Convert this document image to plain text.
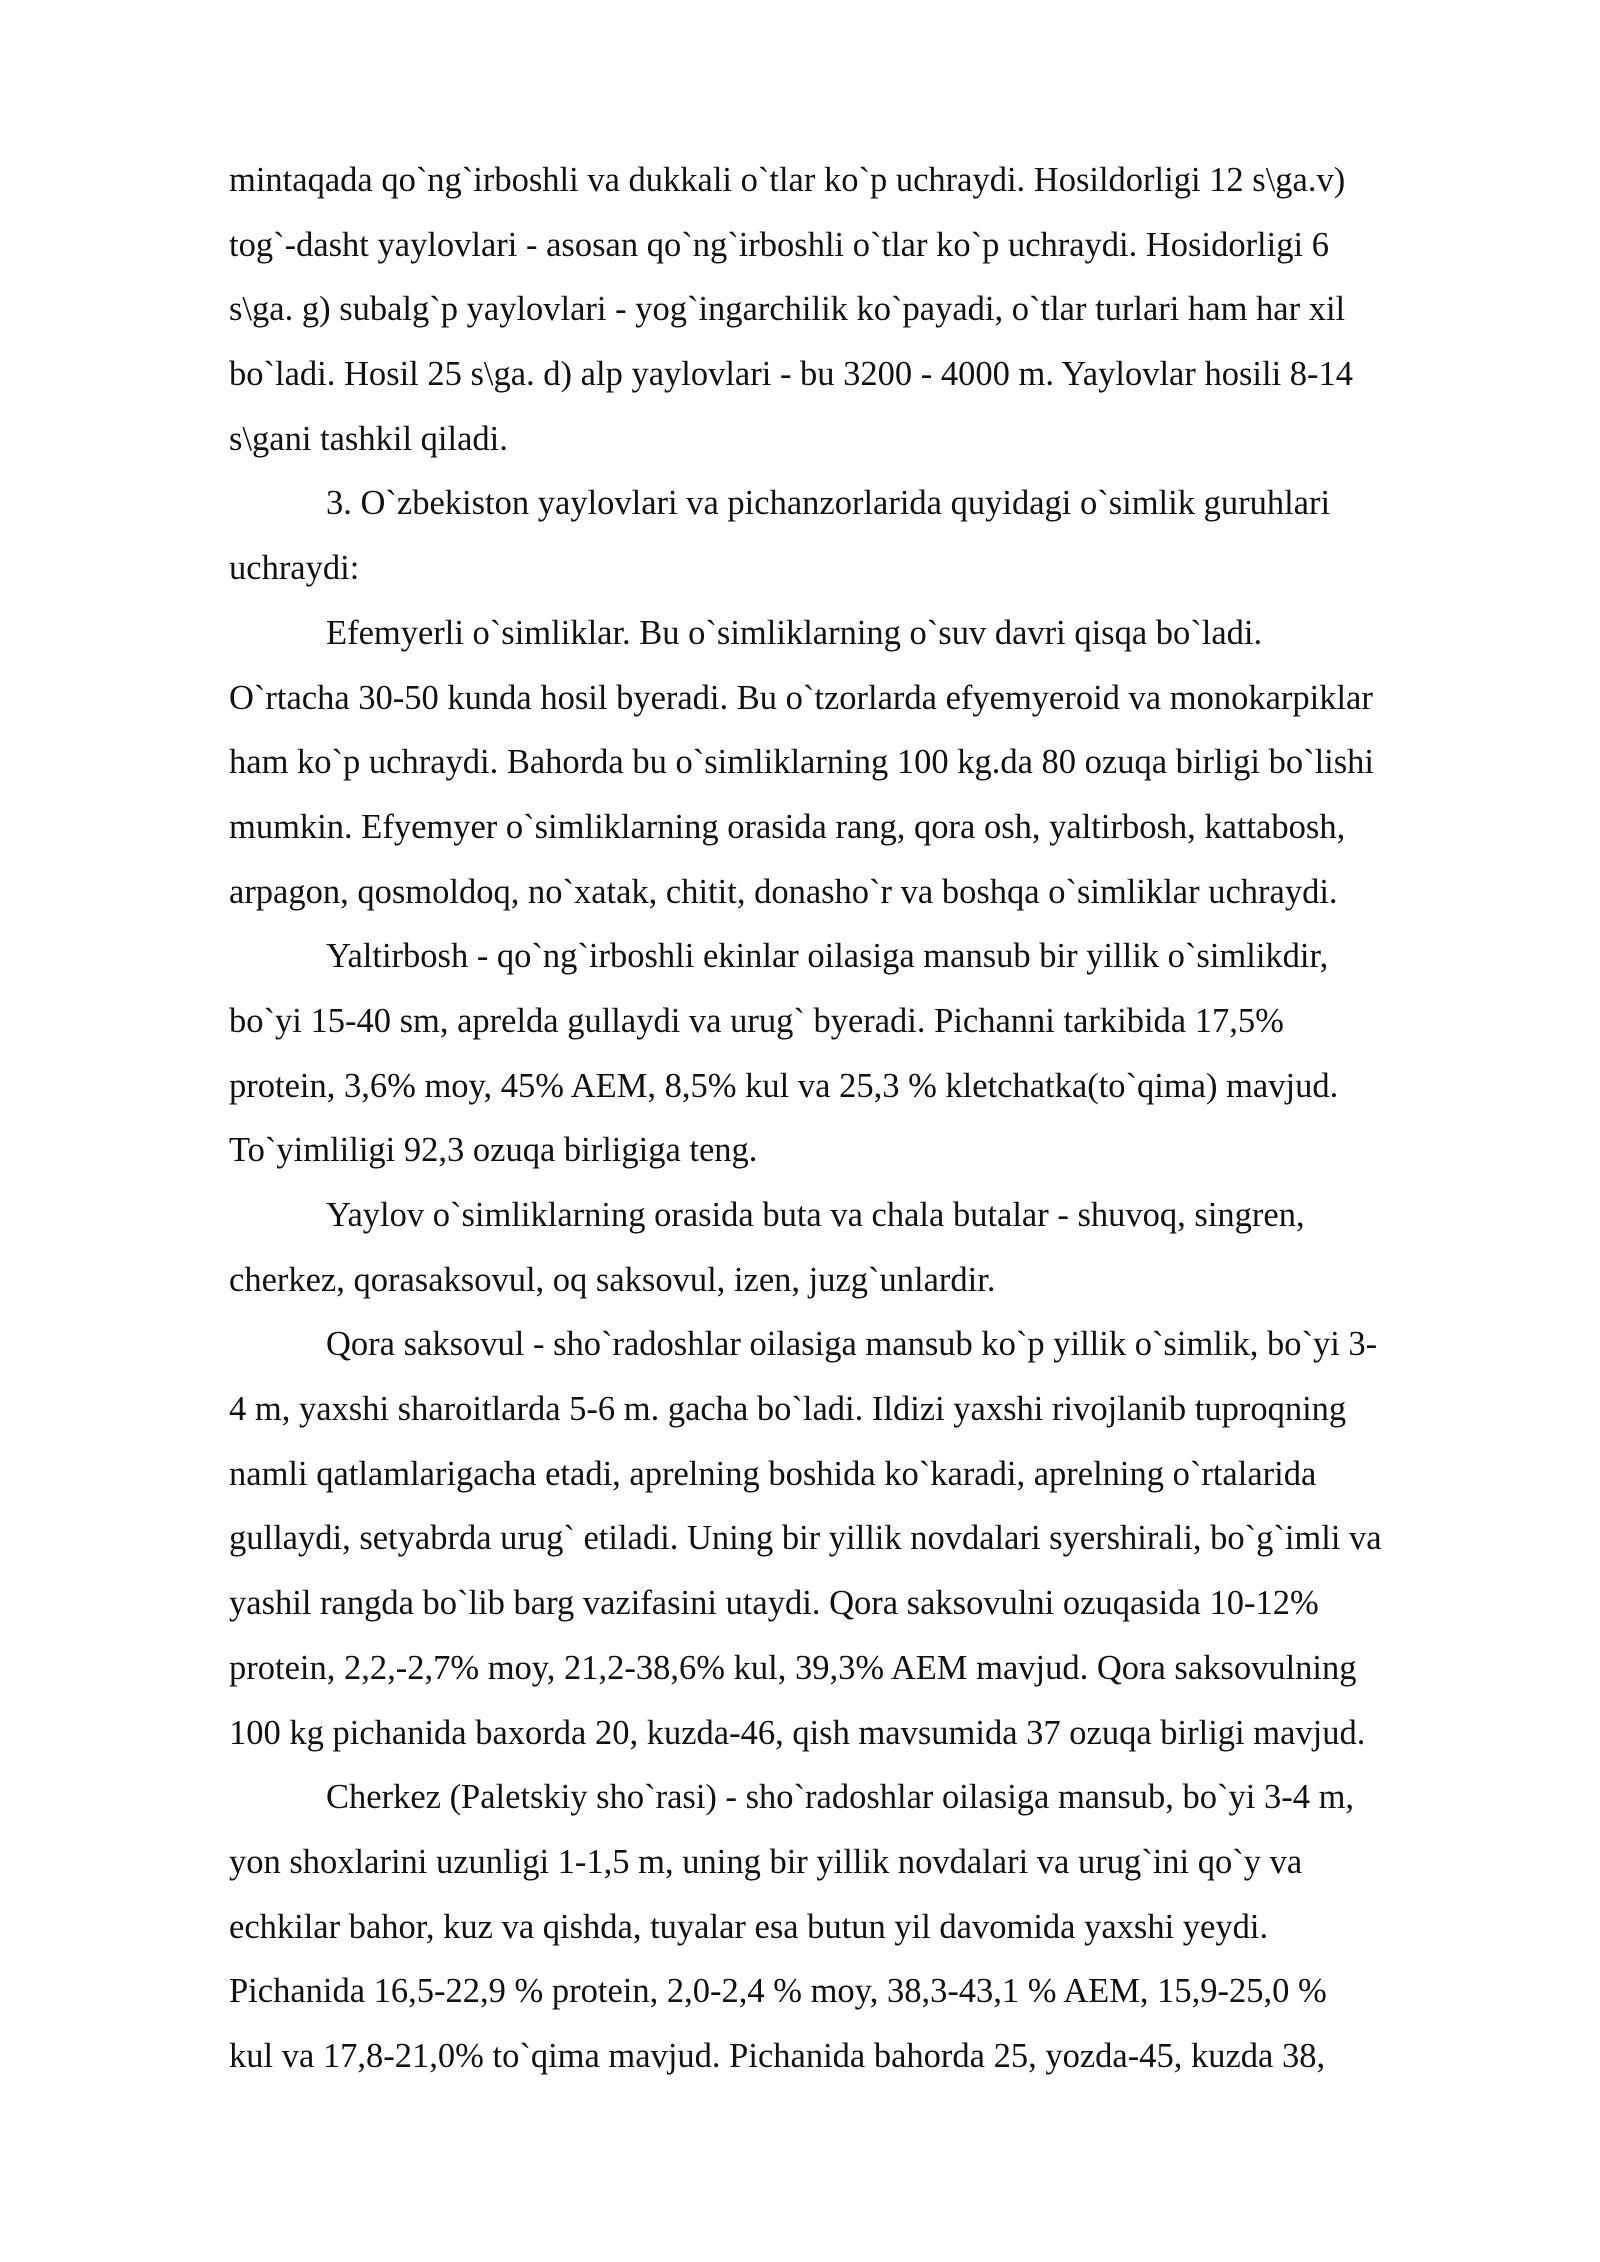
mintaqada qo`ng`irboshli va dukkali o`tlar ko`p uchraydi. Hosildorligi 12 s\ga.v)
tog`-dasht yaylovlari - asosan qo`ng`irboshli o`tlar ko`p uchraydi. Hosidorligi 6
s\ga. g) subalg`p yaylovlari - yog`ingarchilik ko`payadi, o`tlar turlari ham har xil
bo`ladi. Hosil 25 s\ga. d) alp yaylovlari - bu 3200 - 4000 m. Yaylovlar hosili 8-14
s\gani tashkil qiladi.
3. O`zbekiston yaylovlari va pichanzorlarida quyidagi o`simlik guruhlari
uchraydi:
Efemyerli o`simliklar. Bu o`simliklarning o`suv davri qisqa bo`ladi.
O`rtacha 30-50 kunda hosil byeradi. Bu o`tzorlarda efyemyeroid va monokarpiklar
ham ko`p uchraydi. Bahorda bu o`simliklarning 100 kg.da 80 ozuqa birligi bo`lishi
mumkin. Efyemyer o`simliklarning orasida rang, qora osh, yaltirbosh, kattabosh,
arpagon, qosmoldoq, no`xatak, chitit, donasho`r va boshqa o`simliklar uchraydi.
Yaltirbosh - qo`ng`irboshli ekinlar oilasiga mansub bir yillik o`simlikdir,
bo`yi 15-40 sm, aprelda gullaydi va urug` byeradi. Pichanni tarkibida 17,5%
protein, 3,6% moy, 45% AEM, 8,5% kul va 25,3 % kletchatka(to`qima) mavjud.
To`yimliligi 92,3 ozuqa birligiga teng.
Yaylov o`simliklarning orasida buta va chala butalar - shuvoq, singren,
cherkez, qorasaksovul, oq saksovul, izen, juzg`unlardir.
Qora saksovul - sho`radoshlar oilasiga mansub ko`p yillik o`simlik, bo`yi 3-
4 m, yaxshi sharoitlarda 5-6 m. gacha bo`ladi. Ildizi yaxshi rivojlanib tuproqning
namli qatlamlarigacha etadi, aprelning boshida ko`karadi, aprelning o`rtalarida
gullaydi, setyabrda urug` etiladi. Uning bir yillik novdalari syershirali, bo`g`imli va
yashil rangda bo`lib barg vazifasini utaydi. Qora saksovulni ozuqasida 10-12%
protein, 2,2,-2,7% moy, 21,2-38,6% kul, 39,3% AEM mavjud. Qora saksovulning
100 kg pichanida baxorda 20, kuzda-46, qish mavsumida 37 ozuqa birligi mavjud.
Cherkez (Paletskiy sho`rasi) - sho`radoshlar oilasiga mansub, bo`yi 3-4 m,
yon shoxlarini uzunligi 1-1,5 m, uning bir yillik novdalari va urug`ini qo`y va
echkilar bahor, kuz va qishda, tuyalar esa butun yil davomida yaxshi yeydi.
Pichanida 16,5-22,9 % protein, 2,0-2,4 % moy, 38,3-43,1 % AEM, 15,9-25,0 %
kul va 17,8-21,0% to`qima mavjud. Pichanida bahorda 25, yozda-45, kuzda 38,
